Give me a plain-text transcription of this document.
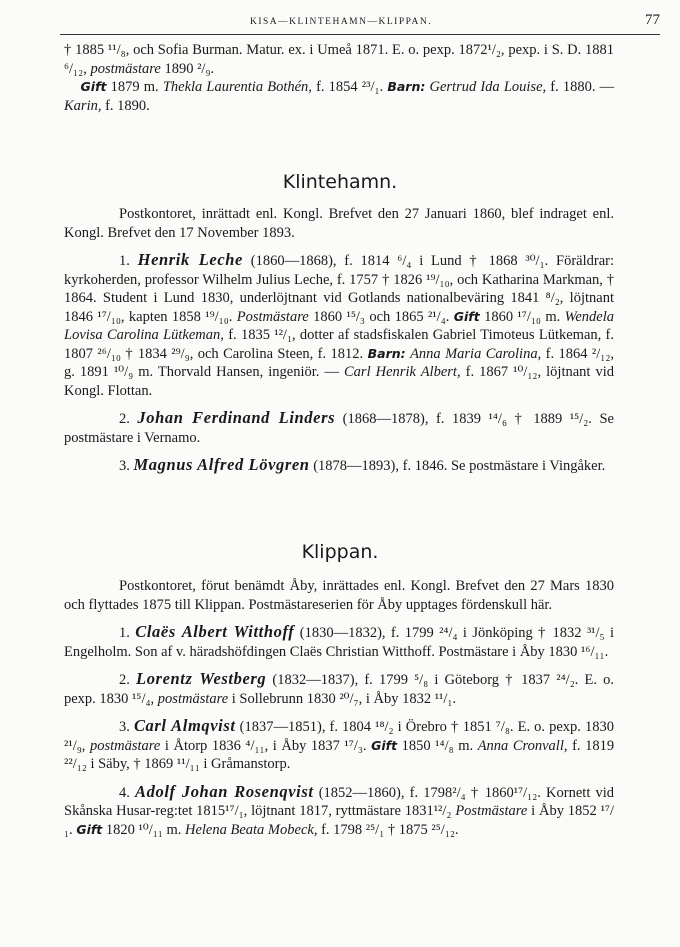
KISA—KLINTEHAMN—KLIPPAN.	77

† 1885 ¹¹/₈, och Sofia Burman. Matur. ex. i Umeå 1871. E. o. pexp. 1872¹/₂, pexp. i S. D. 1881 ⁶/₁₂, postmästare 1890 ²/₉.
Gift 1879 m. Thekla Laurentia Bothén, f. 1854 ²³/₁. Barn: Gertrud Ida Louise, f. 1880. — Karin, f. 1890.

Klintehamn.

Postkontoret, inrättadt enl. Kongl. Brefvet den 27 Januari 1860, blef indraget enl. Kongl. Brefvet den 17 November 1893.

1. Henrik Leche (1860—1868), f. 1814 ⁶/₄ i Lund † 1868 ³⁰/₁. Föräldrar: kyrkoherden, professor Wilhelm Julius Leche, f. 1757 † 1826 ¹⁹/₁₀, och Katharina Markman, † 1864. Student i Lund 1830, underlöjtnant vid Gotlands nationalbeväring 1841 ⁸/₂, löjtnant 1846 ¹⁷/₁₀, kapten 1858 ¹⁹/₁₀. Postmästare 1860 ¹⁵/₃ och 1865 ²¹/₄. Gift 1860 ¹⁷/₁₀ m. Wendela Lovisa Carolina Lütkeman, f. 1835 ¹²/₁, dotter af stadsfiskalen Gabriel Timoteus Lütkeman, f. 1807 ²⁶/₁₀ † 1834 ²⁹/₉, och Carolina Steen, f. 1812. Barn: Anna Maria Carolina, f. 1864 ²/₁₂, g. 1891 ¹⁰/₉ m. Thorvald Hansen, ingeniör. — Carl Henrik Albert, f. 1867 ¹⁰/₁₂, löjtnant vid Kongl. Flottan.

2. Johan Ferdinand Linders (1868—1878), f. 1839 ¹⁴/₆ † 1889 ¹⁵/₂. Se postmästare i Vernamo.

3. Magnus Alfred Lövgren (1878—1893), f. 1846. Se postmästare i Vingåker.

Klippan.

Postkontoret, förut benämdt Åby, inrättades enl. Kongl. Brefvet den 27 Mars 1830 och flyttades 1875 till Klippan. Postmästareserien för Åby upptages fördenskull här.

1. Claës Albert Witthoff (1830—1832), f. 1799 ²⁴/₄ i Jönköping † 1832 ³¹/₅ i Engelholm. Son af v. häradshöfdingen Claës Christian Witthoff. Postmästare i Åby 1830 ¹⁶/₁₁.

2. Lorentz Westberg (1832—1837), f. 1799 ⁵/₈ i Göteborg † 1837 ²⁴/₂. E. o. pexp. 1830 ¹⁵/₄, postmästare i Sollebrunn 1830 ²⁰/₇, i Åby 1832 ¹¹/₁.

3. Carl Almqvist (1837—1851), f. 1804 ¹⁸/₂ i Örebro † 1851 ⁷/₈. E. o. pexp. 1830 ²¹/₉, postmästare i Åtorp 1836 ⁴/₁₁, i Åby 1837 ¹⁷/₃. Gift 1850 ¹⁴/₈ m. Anna Cronvall, f. 1819 ²²/₁₂ i Säby, † 1869 ¹¹/₁₁ i Gråmanstorp.

4. Adolf Johan Rosenqvist (1852—1860), f. 1798²/₄ † 1860¹⁷/₁₂. Kornett vid Skånska Husar-reg:tet 1815¹⁷/₁, löjtnant 1817, ryttmästare 1831¹²/₂ Postmästare i Åby 1852 ¹⁷/₁. Gift 1820 ¹⁰/₁₁ m. Helena Beata Mobeck, f. 1798 ²⁵/₁ † 1875 ²⁵/₁₂.
